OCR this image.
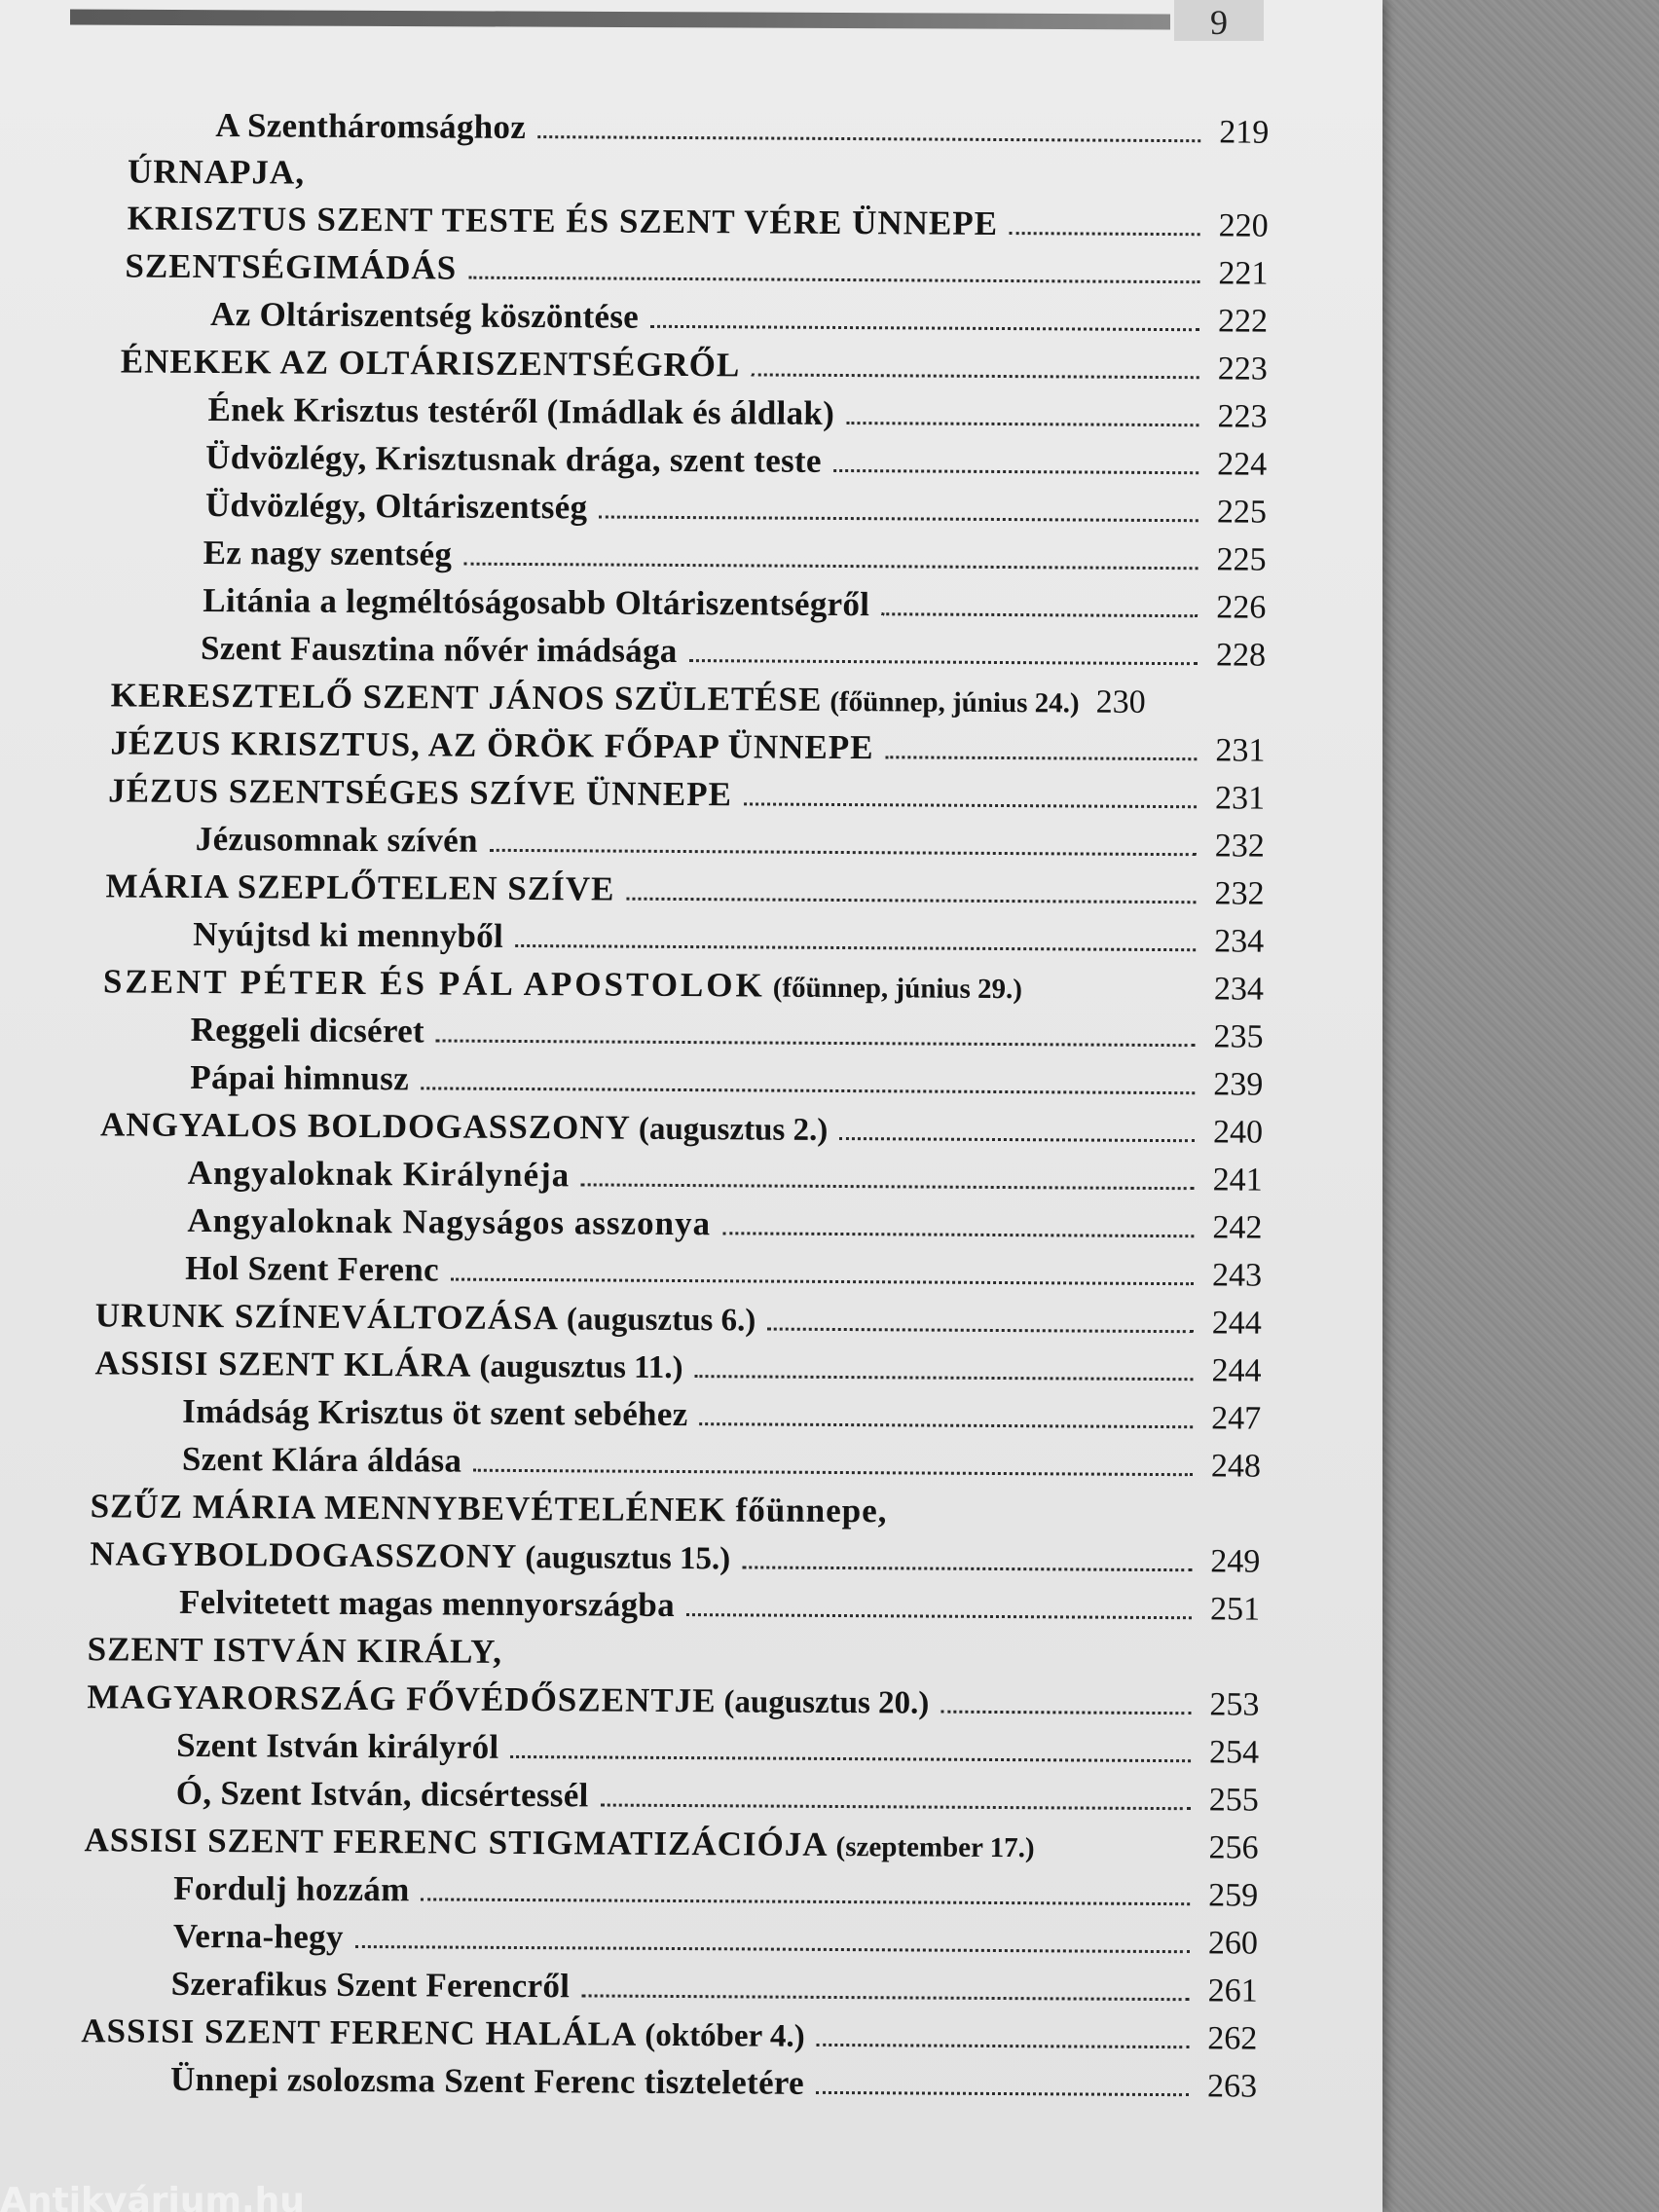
9
A Szentháromsághoz	219
ÚRNAPJA,
KRISZTUS SZENT TESTE ÉS SZENT VÉRE ÜNNEPE	220
SZENTSÉGIMÁDÁS	221
Az Oltáriszentség köszöntése	222
ÉNEKEK AZ OLTÁRISZENTSÉGRŐL	223
Ének Krisztus testéről (Imádlak és áldlak)	223
Üdvözlégy, Krisztusnak drága, szent teste	224
Üdvözlégy, Oltáriszentség	225
Ez nagy szentség	225
Litánia a legméltóságosabb Oltáriszentségről	226
Szent Fausztina nővér imádsága	228
KERESZTELŐ SZENT JÁNOS SZÜLETÉSE (főünnep, június 24.) 230
JÉZUS KRISZTUS, AZ ÖRÖK FŐPAP ÜNNEPE	231
JÉZUS SZENTSÉGES SZÍVE ÜNNEPE	231
Jézusomnak szívén	232
MÁRIA SZEPLŐTELEN SZÍVE	232
Nyújtsd ki mennyből	234
SZENT PÉTER ÉS PÁL APOSTOLOK (főünnep, június 29.)	234
Reggeli dicséret	235
Pápai himnusz	239
ANGYALOS BOLDOGASSZONY (augusztus 2.)	240
Angyaloknak Királynéja	241
Angyaloknak Nagyságos asszonya	242
Hol Szent Ferenc	243
URUNK SZÍNEVÁLTOZÁSA (augusztus 6.)	244
ASSISI SZENT KLÁRA (augusztus 11.)	244
Imádság Krisztus öt szent sebéhez	247
Szent Klára áldása	248
SZŰZ MÁRIA MENNYBEVÉTELÉNEK főünnepe,
NAGYBOLDOGASSZONY (augusztus 15.)	249
Felvitetett magas mennyországba	251
SZENT ISTVÁN KIRÁLY,
MAGYARORSZÁG FŐVÉDŐSZENTJE (augusztus 20.)	253
Szent István királyról	254
Ó, Szent István, dicsértessél	255
ASSISI SZENT FERENC STIGMATIZÁCIÓJA (szeptember 17.)	256
Fordulj hozzám	259
Verna-hegy	260
Szerafikus Szent Ferencről	261
ASSISI SZENT FERENC HALÁLA (október 4.)	262
Ünnepi zsolozsma Szent Ferenc tiszteletére	263
Antikvárium.hu
